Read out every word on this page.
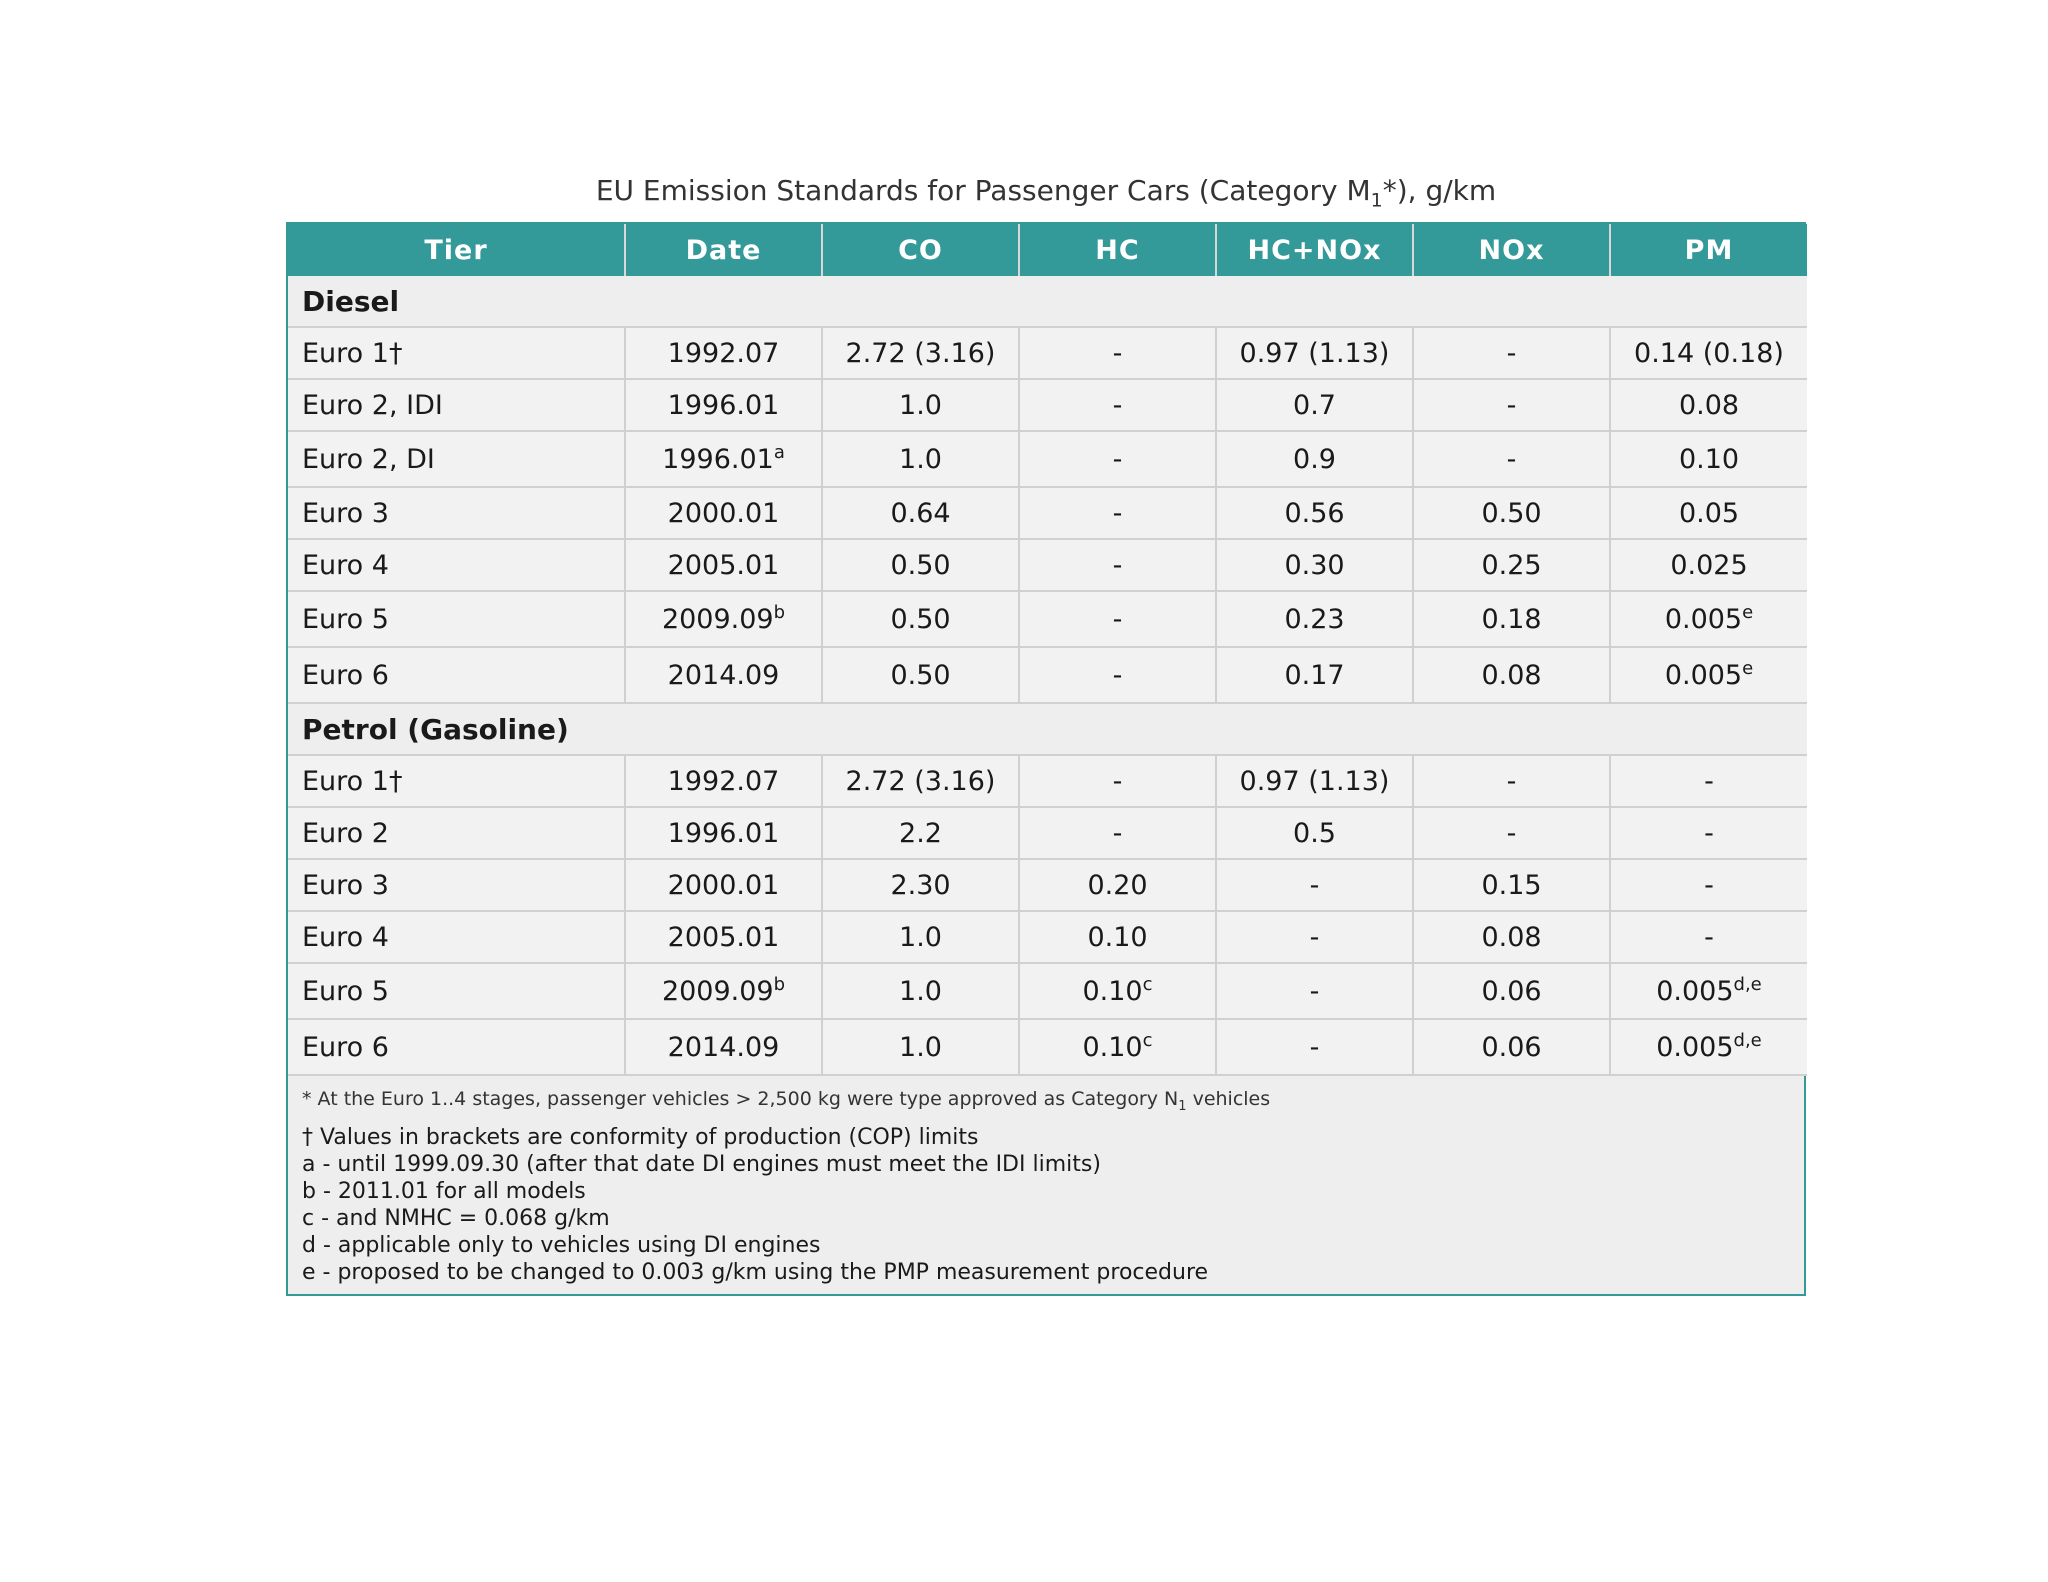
EU Emission Standards for Passenger Cars (Category $M_1*$), g/km
Tier	Date	CO	HC	HC+NOx	NOx	PM
Diesel						
Euro 1†	1992.07	2.72 (3.16)	-	0.97 (1.13)	-	0.14 (0.18)
Euro 2, IDI	1996.01	1.0	-	0.7	-	0.08
Euro 2, DI	1996.01$^a$	1.0	-	0.9	-	0.10
Euro 3	2000.01	0.64	-	0.56	0.50	0.05
Euro 4	2005.01	0.50	-	0.30	0.25	0.025
Euro 5	2009.09$^b$	0.50	-	0.23	0.18	0.005e
Euro 6	2014.09	0.50	-	0.17	0.08	0.005e
Petrol (Gasoline)						
Euro 1†	1992.07	2.72 (3.16)	-	0.97 (1.13)	-	-
Euro 2	1996.01	2.2	-	0.5	-	-
Euro 3	2000.01	2.30	0.20	-	0.15	-
Euro 4	2005.01	1.0	0.10	-	0.08	-
Euro 5	2009.09$^b$	1.0	0.10$^c$	-	0.06	0.005$^{d,e}$
Euro 6	2014.09	1.0	0.10$^c$	-	0.06	0.005$^{d,e}$
* At the Euro 1..4 stages, passenger vehicles > 2,500 kg were type approved as Category $N_1$ vehicles
† Values in brackets are conformity of production (COP) limits
a - until 1999.09.30 (after that date DI engines must meet the IDI limits)
b - 2011.01 for all models
c - and NMHC = 0.068 g/km
d - applicable only to vehicles using DI engines
e - proposed to be changed to 0.003 g/km using the PMP measurement procedure
